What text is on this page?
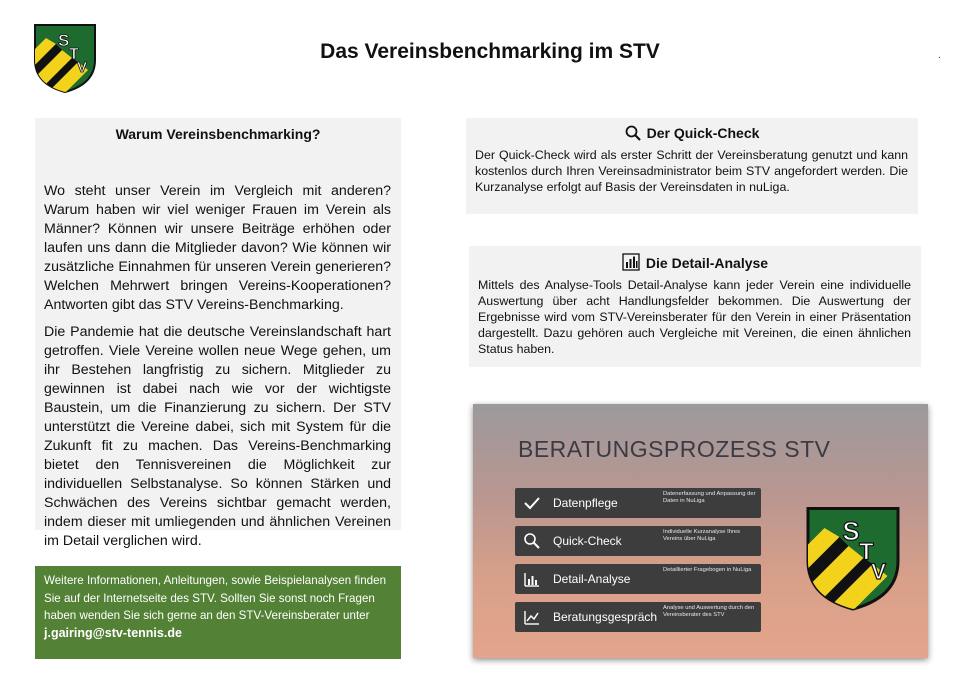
S
T
V
Das Vereinsbenchmarking im STV	.
Warum Vereinsbenchmarking?

Wo steht unser Verein im Vergleich mit anderen? Warum haben wir viel weniger Frauen im Verein als Männer? Können wir unsere Beiträge erhöhen oder laufen uns dann die Mitglieder davon? Wie können wir zusätzliche Einnahmen für unseren Verein generieren? Welchen Mehrwert bringen Vereins-Kooperationen? Antworten gibt das STV Vereins-Benchmarking.

Die Pandemie hat die deutsche Vereinslandschaft hart getroffen. Viele Vereine wollen neue Wege gehen, um ihr Bestehen langfristig zu sichern. Mitglieder zu gewinnen ist dabei nach wie vor der wichtigste Baustein, um die Finanzierung zu sichern. Der STV unterstützt die Vereine dabei, sich mit System für die Zukunft fit zu machen. Das Vereins-Benchmarking bietet den Tennisvereinen die Möglichkeit zur individuellen Selbstanalyse. So können Stärken und Schwächen des Vereins sichtbar gemacht werden, indem dieser mit umliegenden und ähnlichen Vereinen im Detail verglichen wird.

Der Quick-Check
Der Quick-Check wird als erster Schritt der Vereinsberatung genutzt und kann kostenlos durch Ihren Vereinsadministrator beim STV angefordert werden. Die Kurzanalyse erfolgt auf Basis der Vereinsdaten in nuLiga.
Die Detail-Analyse
Mittels des Analyse-Tools Detail-Analyse kann jeder Verein eine individuelle Auswertung über acht Handlungsfelder bekommen. Die Auswertung der Ergebnisse wird vom STV-Vereinsberater für den Verein in einer Präsentation dargestellt. Dazu gehören auch Vergleiche mit Vereinen, die einen ähnlichen Status haben.
Weitere Informationen, Anleitungen, sowie Beispielanalysen finden Sie auf der Internetseite des STV. Sollten Sie sonst noch Fragen haben wenden Sie sich gerne an den STV-Vereinsberater unter j.gairing@stv-tennis.de
BERATUNGSPROZESS STV
Datenpflege
Datenerfassung und Anpassung der Daten in NuLiga
Quick-Check
Individuelle Kurzanalyse Ihres Vereins über NuLiga
Detail-Analyse
Detaillierter Fragebogen in NuLiga
Beratungsgespräch
Analyse und Auswertung durch den Vereinsberater des STV
S
T
V
